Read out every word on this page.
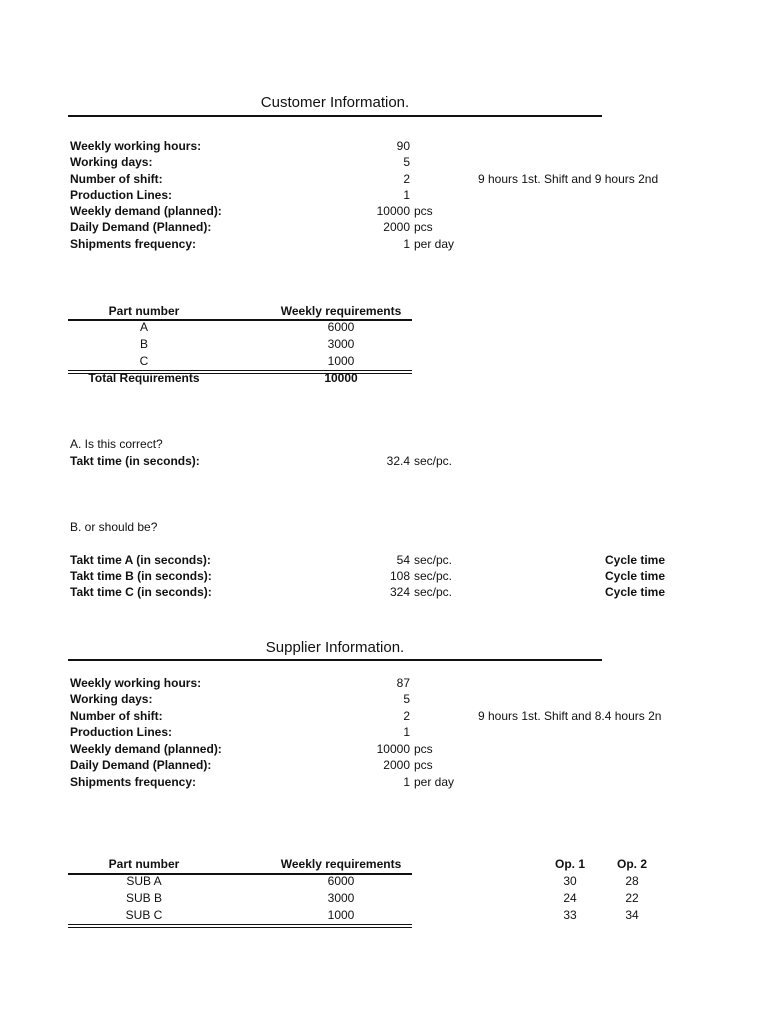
Customer Information.
Weekly working hours:	90
Working days:	5
Number of shift:	2	9 hours 1st. Shift and 9 hours 2nd
Production Lines:	1
Weekly demand (planned):	10000 pcs
Daily Demand (Planned):	2000 pcs
Shipments frequency:	1 per day
Part number	Weekly requirements
A	6000
B	3000
C	1000
Total Requirements	10000
A. Is this correct?
Takt time (in seconds):	32.4 sec/pc.
B. or should be?
Takt time A (in seconds):	54 sec/pc.	Cycle time
Takt time B (in seconds):	108 sec/pc.	Cycle time
Takt time C (in seconds):	324 sec/pc.	Cycle time
Supplier Information.
Weekly working hours:	87
Working days:	5
Number of shift:	2	9 hours 1st. Shift and 8.4 hours 2n
Production Lines:	1
Weekly demand (planned):	10000 pcs
Daily Demand (Planned):	2000 pcs
Shipments frequency:	1 per day
Part number	Weekly requirements	Op. 1	Op. 2
SUB A	6000	30	28
SUB B	3000	24	22
SUB C	1000	33	34
